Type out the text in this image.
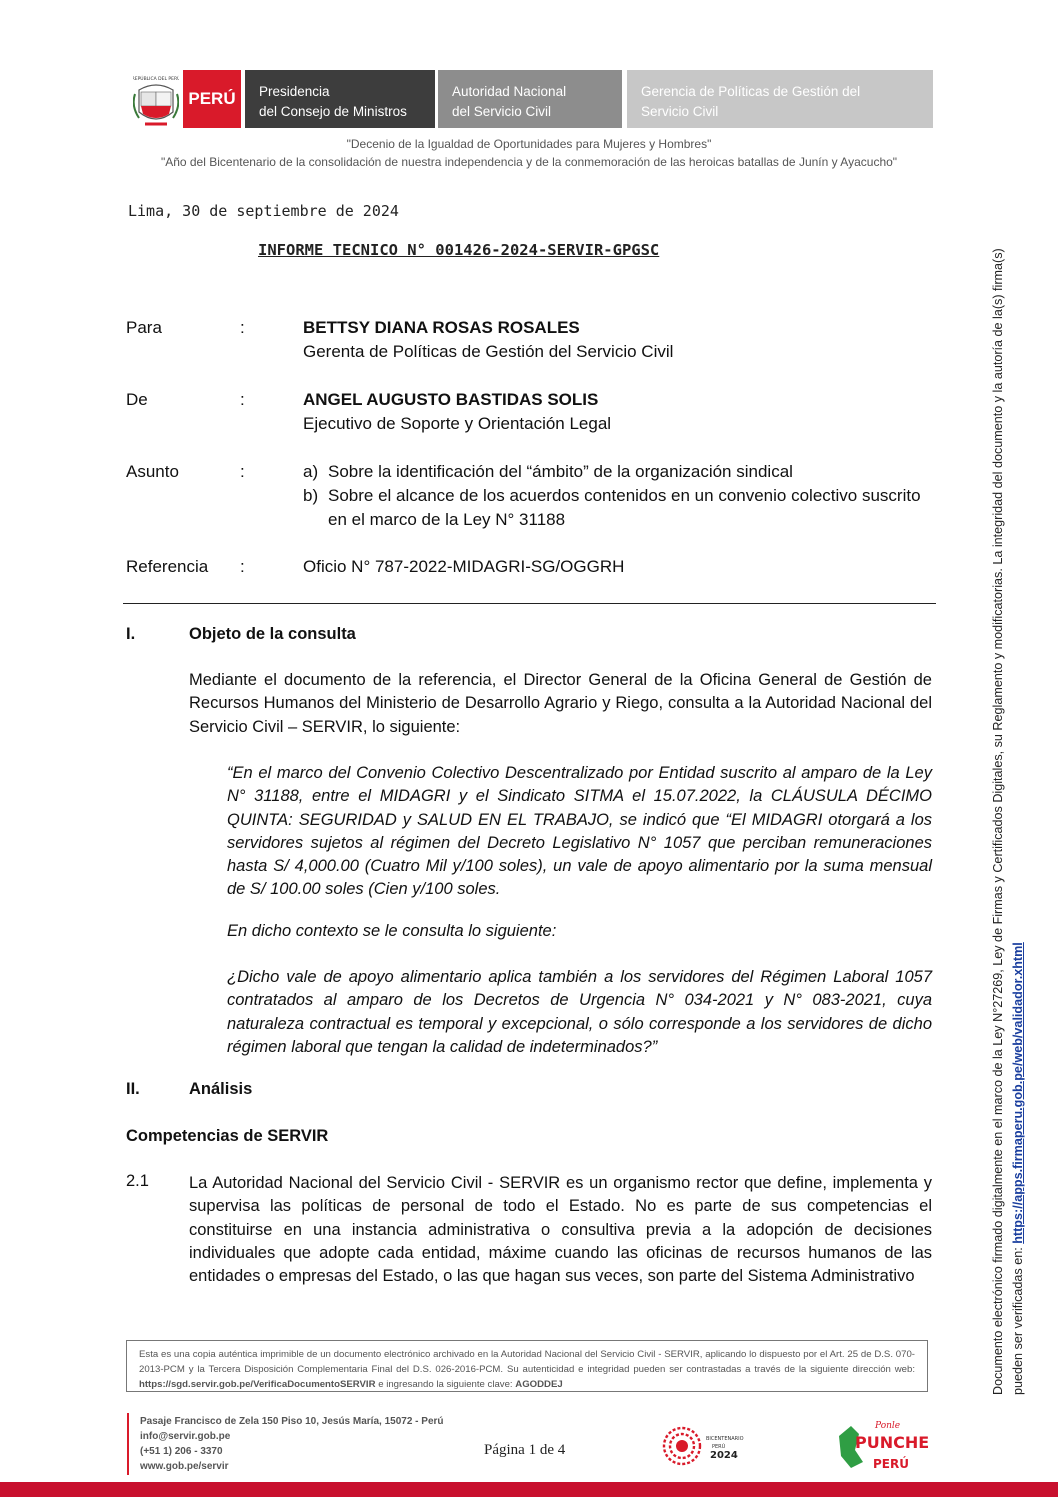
REPÚBLICA DEL PERÚ
PERÚ	Presidencia
del Consejo de Ministros
Autoridad Nacional
del Servicio Civil
Gerencia de Políticas de Gestión del
Servicio Civil
"Decenio de la Igualdad de Oportunidades para Mujeres y Hombres"
"Año del Bicentenario de la consolidación de nuestra independencia y de la conmemoración de las heroicas batallas de Junín y Ayacucho"
Lima, 30 de septiembre de 2024
INFORME TECNICO N° 001426-2024-SERVIR-GPGSC
Para	:	BETTSY DIANA ROSAS ROSALES
Gerenta de Políticas de Gestión del Servicio Civil
De	:	ANGEL AUGUSTO BASTIDAS SOLIS
Ejecutivo de Soporte y Orientación Legal
Asunto	:	a) Sobre la identificación del “ámbito” de la organización sindical
b) Sobre el alcance de los acuerdos contenidos en un convenio colectivo suscrito
en el marco de la Ley N° 31188
Referencia :	Oficio N° 787-2022-MIDAGRI-SG/OGGRH
I.	Objeto de la consulta
Mediante el documento de la referencia, el Director General de la Oficina General de Gestión de Recursos Humanos del Ministerio de Desarrollo Agrario y Riego, consulta a la Autoridad Nacional del Servicio Civil – SERVIR, lo siguiente:
“En el marco del Convenio Colectivo Descentralizado por Entidad suscrito al amparo de la Ley N° 31188, entre el MIDAGRI y el Sindicato SITMA el 15.07.2022, la CLÁUSULA DÉCIMO QUINTA: SEGURIDAD y SALUD EN EL TRABAJO, se indicó que “El MIDAGRI otorgará a los servidores sujetos al régimen del Decreto Legislativo N° 1057 que perciban remuneraciones hasta S/ 4,000.00 (Cuatro Mil y/100 soles), un vale de apoyo alimentario por la suma mensual de S/ 100.00 soles (Cien y/100 soles.
En dicho contexto se le consulta lo siguiente:
¿Dicho vale de apoyo alimentario aplica también a los servidores del Régimen Laboral 1057 contratados al amparo de los Decretos de Urgencia N° 034-2021 y N° 083-2021, cuya naturaleza contractual es temporal y excepcional, o sólo corresponde a los servidores de dicho régimen laboral que tengan la calidad de indeterminados?”
II.	Análisis
Competencias de SERVIR
2.1 La Autoridad Nacional del Servicio Civil - SERVIR es un organismo rector que define, implementa y supervisa las políticas de personal de todo el Estado. No es parte de sus competencias el constituirse en una instancia administrativa o consultiva previa a la adopción de decisiones individuales que adopte cada entidad, máxime cuando las oficinas de recursos humanos de las entidades o empresas del Estado, o las que hagan sus veces, son parte del Sistema Administrativo
Esta es una copia auténtica imprimible de un documento electrónico archivado en la Autoridad Nacional del Servicio Civil - SERVIR, aplicando lo dispuesto por el Art. 25 de D.S. 070-2013-PCM y la Tercera Disposición Complementaria Final del D.S. 026-2016-PCM. Su autenticidad e integridad pueden ser contrastadas a través de la siguiente dirección web: https://sgd.servir.gob.pe/VerificaDocumentoSERVIR e ingresando la siguiente clave: AGODDEJ
Pasaje Francisco de Zela 150 Piso 10, Jesús María, 15072 - Perú
info@servir.gob.pe
(+51 1) 206 - 3370
www.gob.pe/servir
Página 1 de 4
BICENTENARIO
PERÚ
2024
Ponle
PUNCHE
PERÚ
Documento electrónico firmado digitalmente en el marco de la Ley N°27269, Ley de Firmas y Certificados Digitales, su Reglamento y modificatorias. La integridad del documento y la autoría de la(s) firma(s) pueden ser verificadas en: https://apps.firmaperu.gob.pe/web/validador.xhtml
